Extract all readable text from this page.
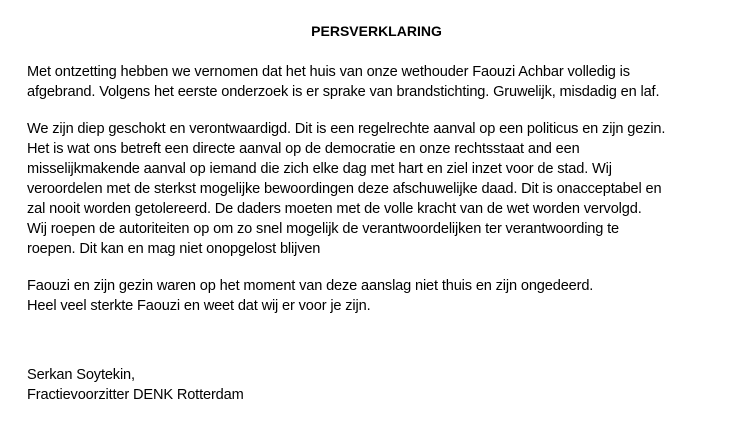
PERSVERKLARING

Met ontzetting hebben we vernomen dat het huis van onze wethouder Faouzi Achbar volledig is
afgebrand. Volgens het eerste onderzoek is er sprake van brandstichting. Gruwelijk, misdadig en laf.

We zijn diep geschokt en verontwaardigd. Dit is een regelrechte aanval op een politicus en zijn gezin.
Het is wat ons betreft een directe aanval op de democratie en onze rechtsstaat and een
misselijkmakende aanval op iemand die zich elke dag met hart en ziel inzet voor de stad. Wij
veroordelen met de sterkst mogelijke bewoordingen deze afschuwelijke daad. Dit is onacceptabel en
zal nooit worden getolereerd. De daders moeten met de volle kracht van de wet worden vervolgd.
Wij roepen de autoriteiten op om zo snel mogelijk de verantwoordelijken ter verantwoording te
roepen. Dit kan en mag niet onopgelost blijven

Faouzi en zijn gezin waren op het moment van deze aanslag niet thuis en zijn ongedeerd.
Heel veel sterkte Faouzi en weet dat wij er voor je zijn.

Serkan Soytekin,
Fractievoorzitter DENK Rotterdam
